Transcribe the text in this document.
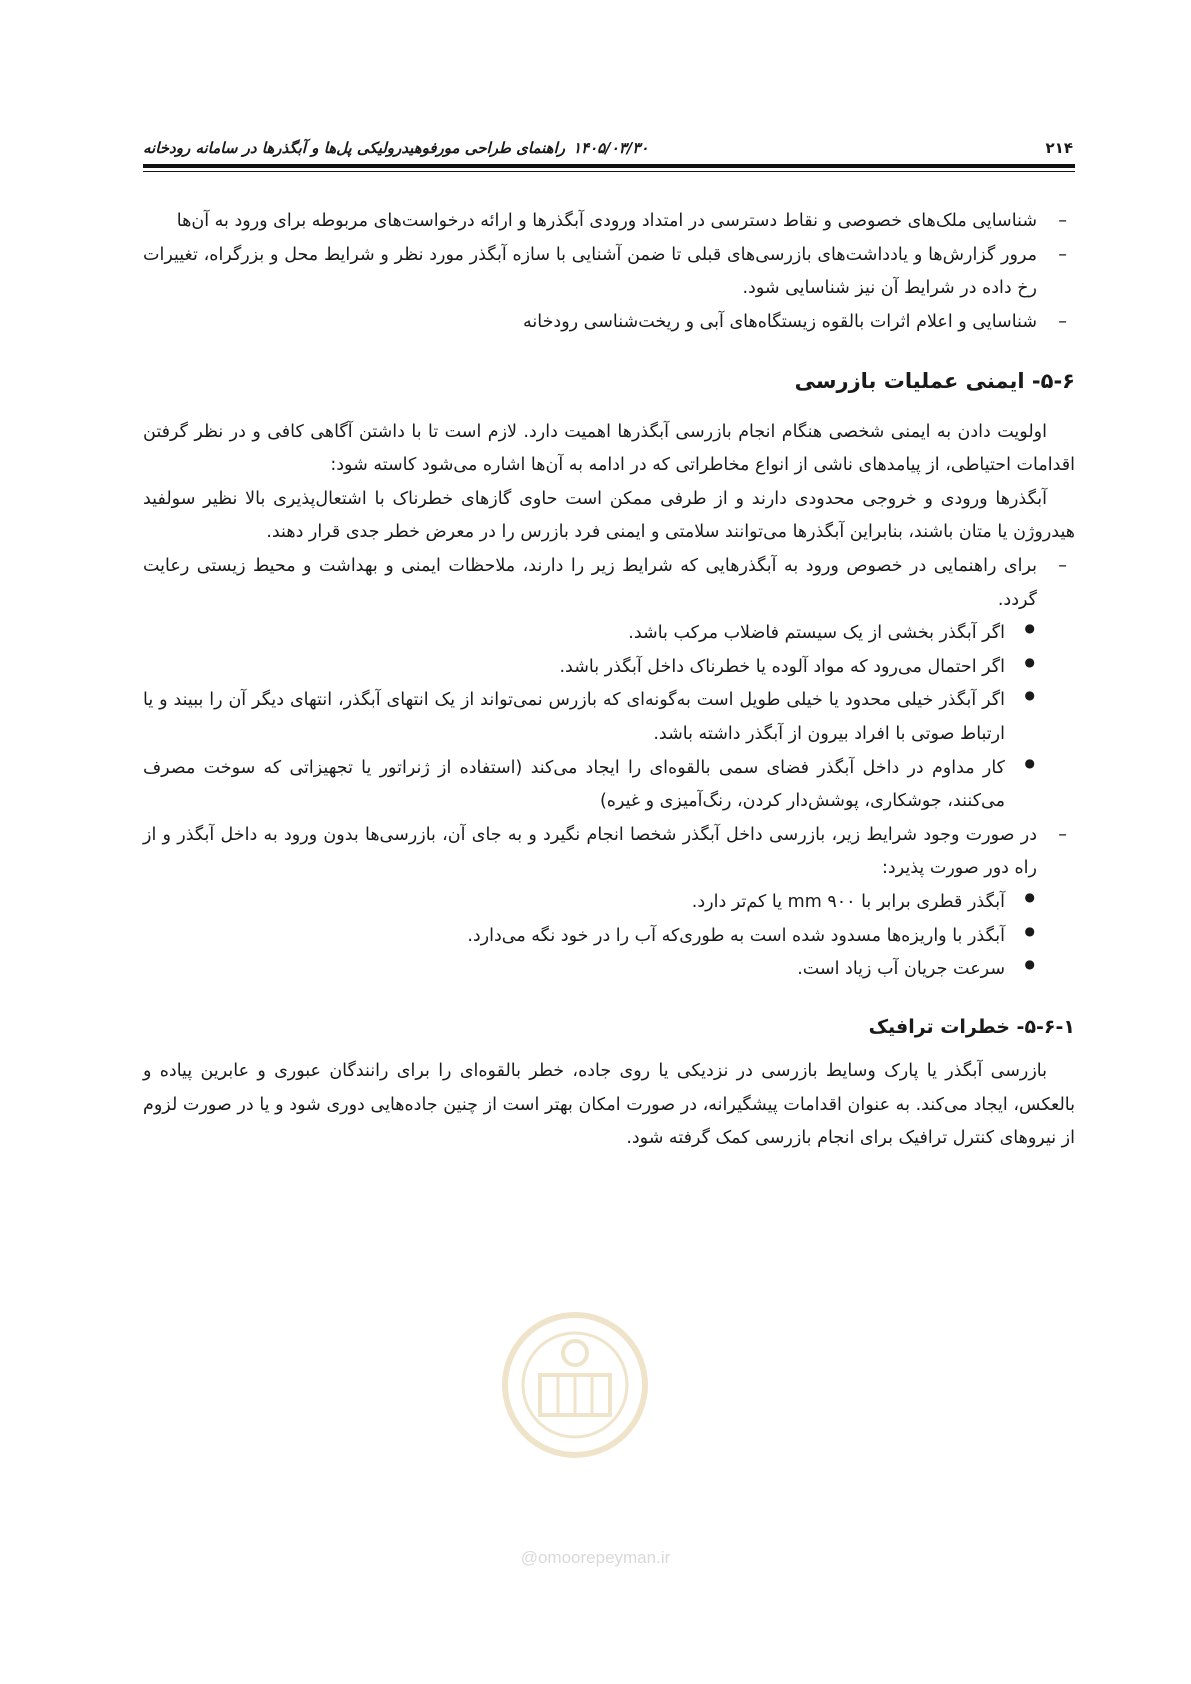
۲۱۴
۱۴۰۵/۰۳/۳۰
راهنمای طراحی مورفوهیدرولیکی پل‌ها و آبگذرها در سامانه رودخانه

– شناسایی ملک‌های خصوصی و نقاط دسترسی در امتداد ورودی آبگذرها و ارائه درخواست‌های مربوطه برای ورود به آن‌ها

– مرور گزارش‌ها و یادداشت‌های بازرسی‌های قبلی تا ضمن آشنایی با سازه آبگذر مورد نظر و شرایط محل و بزرگراه، تغییرات رخ داده در شرایط آن نیز شناسایی شود.

– شناسایی و اعلام اثرات بالقوه زیستگاه‌های آبی و ریخت‌شناسی رودخانه

۵-۶- ایمنی عملیات بازرسی

اولویت دادن به ایمنی شخصی هنگام انجام بازرسی آبگذرها اهمیت دارد. لازم است تا با داشتن آگاهی کافی و در نظر گرفتن اقدامات احتیاطی، از پیامدهای ناشی از انواع مخاطراتی که در ادامه به آن‌ها اشاره می‌شود کاسته شود:

آبگذرها ورودی و خروجی محدودی دارند و از طرفی ممکن است حاوی گازهای خطرناک با اشتعال‌پذیری بالا نظیر سولفید هیدروژن یا متان باشند، بنابراین آبگذرها می‌توانند سلامتی و ایمنی فرد بازرس را در معرض خطر جدی قرار دهند.

– برای راهنمایی در خصوص ورود به آبگذرهایی که شرایط زیر را دارند، ملاحظات ایمنی و بهداشت و محیط زیستی رعایت گردد.

● اگر آبگذر بخشی از یک سیستم فاضلاب مرکب باشد.

● اگر احتمال می‌رود که مواد آلوده یا خطرناک داخل آبگذر باشد.

● اگر آبگذر خیلی محدود یا خیلی طویل است به‌گونه‌ای که بازرس نمی‌تواند از یک انتهای آبگذر، انتهای دیگر آن را ببیند و یا ارتباط صوتی با افراد بیرون از آبگذر داشته باشد.

● کار مداوم در داخل آبگذر فضای سمی بالقوه‌ای را ایجاد می‌کند (استفاده از ژنراتور یا تجهیزاتی که سوخت مصرف می‌کنند، جوشکاری، پوشش‌دار کردن، رنگ‌آمیزی و غیره)

– در صورت وجود شرایط زیر، بازرسی داخل آبگذر شخصا انجام نگیرد و به جای آن، بازرسی‌ها بدون ورود به داخل آبگذر و از راه دور صورت پذیرد:

● آبگذر قطری برابر با mm ۹۰۰ یا کم‌تر دارد.

● آبگذر با واریزه‌ها مسدود شده است به طوری‌که آب را در خود نگه می‌دارد.

● سرعت جریان آب زیاد است.

۵-۶-۱- خطرات ترافیک

بازرسی آبگذر یا پارک وسایط بازرسی در نزدیکی یا روی جاده، خطر بالقوه‌ای را برای رانندگان عبوری و عابرین پیاده و بالعکس، ایجاد می‌کند. به عنوان اقدامات پیشگیرانه، در صورت امکان بهتر است از چنین جاده‌هایی دوری شود و یا در صورت لزوم از نیروهای کنترل ترافیک برای انجام بازرسی کمک گرفته شود.

@omoorepeyman.ir
